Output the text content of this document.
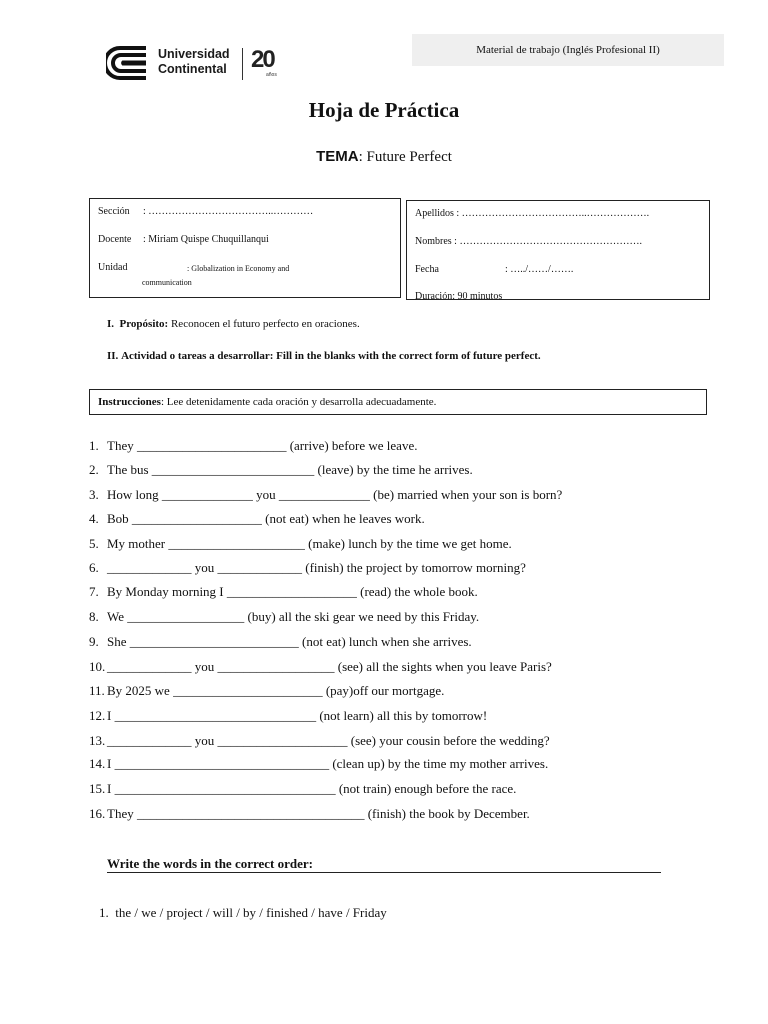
Universidad
Continental 20
años
Material de trabajo (Inglés Profesional II)
Hoja de Práctica
TEMA: Future Perfect
Sección : ………………………………..…………
Docente : Miriam Quispe Chuquillanqui
Unidad	: Globalization in Economy and
communication
Apellidos : ………………………………..……………….
Nombres : ……………………………………………….
Fecha	: …../……/…….
Duración: 90 minutos
I. Propósito: Reconocen el futuro perfecto en oraciones.
II. Actividad o tareas a desarrollar: Fill in the blanks with the correct form of future perfect.
Instrucciones : Lee detenidamente cada oración y desarrolla adecuadamente.
1. They _______________________ (arrive) before we leave.
2. The bus _________________________ (leave) by the time he arrives.
3. How long ______________ you ______________ (be) married when your son is born?
4. Bob ____________________ (not eat) when he leaves work.
5. My mother _____________________ (make) lunch by the time we get home.
6. _____________ you _____________ (finish) the project by tomorrow morning?
7. By Monday morning I ____________________ (read) the whole book.
8. We __________________ (buy) all the ski gear we need by this Friday.
9. She __________________________ (not eat) lunch when she arrives.
10. _____________ you __________________ (see) all the sights when you leave Paris?
11. By 2025 we _______________________ (pay)off our mortgage.
12. I _______________________________ (not learn) all this by tomorrow!
13. _____________ you ____________________ (see) your cousin before the wedding?
14. I _________________________________ (clean up) by the time my mother arrives.
15. I __________________________________ (not train) enough before the race.
16. They ___________________________________ (finish) the book by December.
Write the words in the correct order:
1. the / we / project / will / by / finished / have / Friday
